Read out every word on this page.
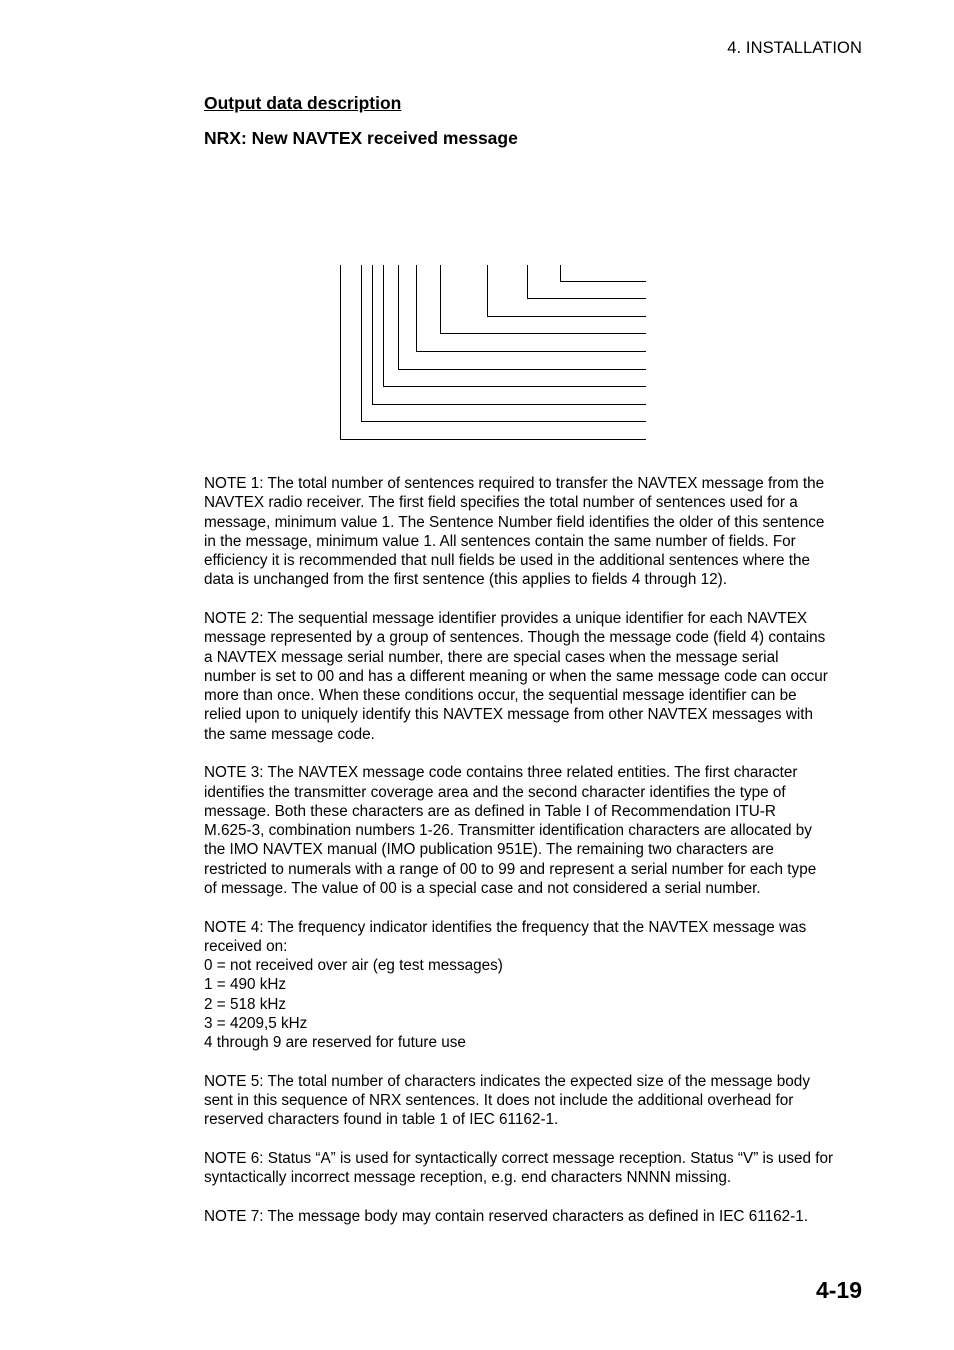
4. INSTALLATION
Output data description
NRX: New NAVTEX received message

NOTE 1: The total number of sentences required to transfer the NAVTEX message from the
NAVTEX radio receiver. The first field specifies the total number of sentences used for a
message, minimum value 1. The Sentence Number field identifies the older of this sentence
in the message, minimum value 1. All sentences contain the same number of fields. For
efficiency it is recommended that null fields be used in the additional sentences where the
data is unchanged from the first sentence (this applies to fields 4 through 12).

NOTE 2: The sequential message identifier provides a unique identifier for each NAVTEX
message represented by a group of sentences. Though the message code (field 4) contains
a NAVTEX message serial number, there are special cases when the message serial
number is set to 00 and has a different meaning or when the same message code can occur
more than once. When these conditions occur, the sequential message identifier can be
relied upon to uniquely identify this NAVTEX message from other NAVTEX messages with
the same message code.

NOTE 3: The NAVTEX message code contains three related entities. The first character
identifies the transmitter coverage area and the second character identifies the type of
message. Both these characters are as defined in Table I of Recommendation ITU-R
M.625-3, combination numbers 1-26. Transmitter identification characters are allocated by
the IMO NAVTEX manual (IMO publication 951E). The remaining two characters are
restricted to numerals with a range of 00 to 99 and represent a serial number for each type
of message. The value of 00 is a special case and not considered a serial number.

NOTE 4: The frequency indicator identifies the frequency that the NAVTEX message was
received on:
0 = not received over air (eg test messages)
1 = 490 kHz
2 = 518 kHz
3 = 4209,5 kHz
4 through 9 are reserved for future use

NOTE 5: The total number of characters indicates the expected size of the message body
sent in this sequence of NRX sentences. It does not include the additional overhead for
reserved characters found in table 1 of IEC 61162-1.

NOTE 6: Status “A” is used for syntactically correct message reception. Status “V” is used for
syntactically incorrect message reception, e.g. end characters NNNN missing.

NOTE 7: The message body may contain reserved characters as defined in IEC 61162-1.

4-19
